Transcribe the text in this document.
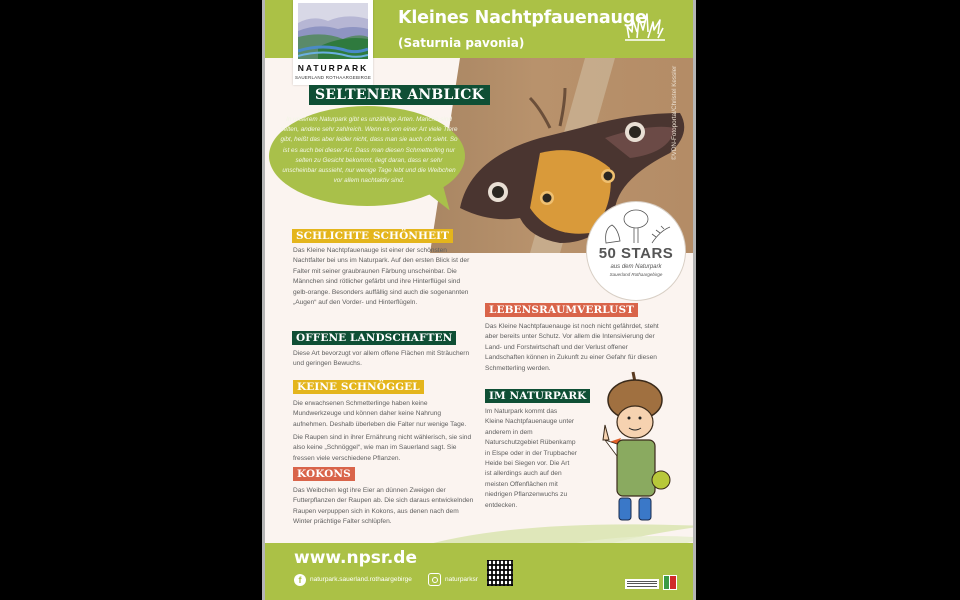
Kleines Nachtpfauenauge
(Saturnia pavonia)
50 STARS
aus dem Naturpark
Sauerland Rothaargebirge
©VDN-Fotoportal/Christel Kessler
NATURPARK
SAUERLAND ROTHAARGEBIRGE
SELTENER ANBLICK
In unserem Naturpark gibt es unzählige Arten. Manche sind selten, andere sehr zahlreich. Wenn es von einer Art viele Tiere gibt, heißt das aber leider nicht, dass man sie auch oft sieht. So ist es auch bei dieser Art. Dass man diesen Schmetterling nur selten zu Gesicht bekommt, liegt daran, dass er sehr unscheinbar aussieht, nur wenige Tage lebt und die Weibchen vor allem nachtaktiv sind.
SCHLICHTE SCHÖNHEIT
Das Kleine Nachtpfauenauge ist einer der schönsten Nachtfalter bei uns im Naturpark. Auf den ersten Blick ist der Falter mit seiner graubraunen Färbung unscheinbar. Die Männchen sind rötlicher gefärbt und ihre Hinterflügel sind gelb-orange. Besonders auffällig sind auch die sogenannten „Augen“ auf den Vorder- und Hinterflügeln.
OFFENE LANDSCHAFTEN
Diese Art bevorzugt vor allem offene Flächen mit Sträuchern und geringen Bewuchs.
KEINE SCHNÖGGEL
Die erwachsenen Schmetterlinge haben keine Mundwerkzeuge und können daher keine Nahrung aufnehmen. Deshalb überleben die Falter nur wenige Tage.
Die Raupen sind in ihrer Ernährung nicht wählerisch, sie sind also keine „Schnöggel“, wie man im Sauerland sagt. Sie fressen viele verschiedene Pflanzen.
KOKONS
Das Weibchen legt ihre Eier an dünnen Zweigen der Futterpflanzen der Raupen ab. Die sich daraus entwickelnden Raupen verpuppen sich in Kokons, aus denen nach dem Winter prächtige Falter schlüpfen.
LEBENSRAUMVERLUST
Das Kleine Nachtpfauenauge ist noch nicht gefährdet, steht aber bereits unter Schutz. Vor allem die Intensivierung der Land- und Forstwirtschaft und der Verlust offener Landschaften können in Zukunft zu einer Gefahr für diesen Schmetterling werden.
IM NATURPARK
Im Naturpark kommt das Kleine Nachtpfauenauge unter anderem in dem Naturschutzgebiet Rübenkamp in Elspe oder in der Trupbacher Heide bei Siegen vor. Die Art ist allerdings auch auf den meisten Offenflächen mit niedrigen Pflanzenwuchs zu entdecken.
www.npsr.de
f	naturpark.sauerland.rothaargebirge	naturparksr
